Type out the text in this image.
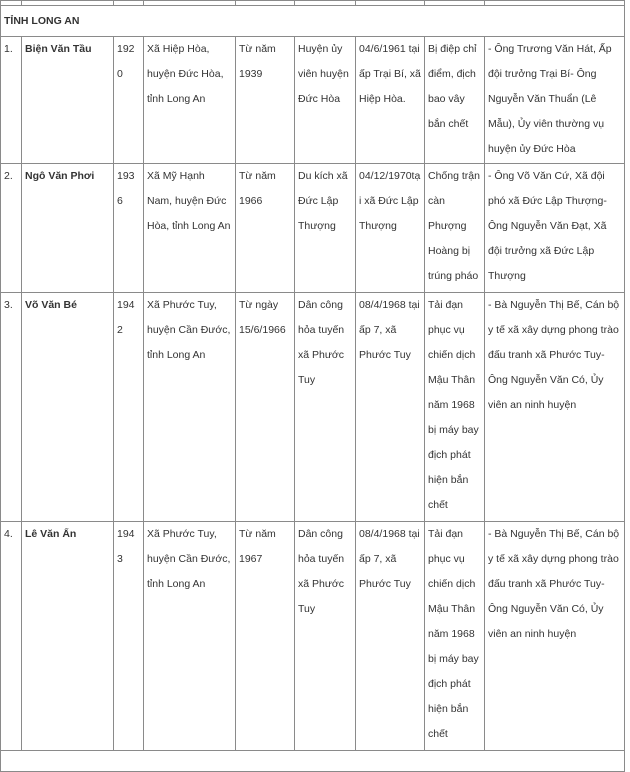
TỈNH LONG AN								
1.	Biện Văn Tầu	1920	Xã Hiệp Hòa, huyện Đức Hòa, tỉnh Long An	Từ năm 1939	Huyện ủy viên huyện Đức Hòa	04/6/1961 tại ấp Trại Bí, xã Hiệp Hòa.	Bị điệp chỉ điểm, địch bao vây bắn chết	- Ông Trương Văn Hát, Ấp đội trưởng Trại Bí- Ông Nguyễn Văn Thuẩn (Lê Mẫu), Ủy viên thường vụ huyện ủy Đức Hòa
2.	Ngô Văn Phơi	1936	Xã Mỹ Hạnh Nam, huyện Đức Hòa, tỉnh Long An	Từ năm 1966	Du kích xã Đức Lập Thượng	04/12/1970tại xã Đức Lập Thượng	Chống trận càn Phượng Hoàng bị trúng pháo	- Ông Võ Văn Cứ, Xã đội phó xã Đức Lập Thượng- Ông Nguyễn Văn Đạt, Xã đội trưởng xã Đức Lập Thượng
3.	Võ Văn Bé	1942	Xã Phước Tuy, huyện Cần Đước, tỉnh Long An	Từ ngày 15/6/1966	Dân công hỏa tuyến xã Phước Tuy	08/4/1968 tại ấp 7, xã Phước Tuy	Tải đạn phục vụ chiến dịch Mậu Thân năm 1968 bị máy bay địch phát hiện bắn chết	- Bà Nguyễn Thị Bế, Cán bộ y tế xã xây dựng phong trào đấu tranh xã Phước Tuy- Ông Nguyễn Văn Có, Ủy viên an ninh huyện
4.	Lê Văn Ẩn	1943	Xã Phước Tuy, huyện Cần Đước, tỉnh Long An	Từ năm 1967	Dân công hỏa tuyến xã Phước Tuy	08/4/1968 tại ấp 7, xã Phước Tuy	Tải đạn phục vụ chiến dịch Mậu Thân năm 1968 bị máy bay địch phát hiện bắn chết	- Bà Nguyễn Thị Bế, Cán bộ y tế xã xây dựng phong trào đấu tranh xã Phước Tuy- Ông Nguyễn Văn Có, Ủy viên an ninh huyện
